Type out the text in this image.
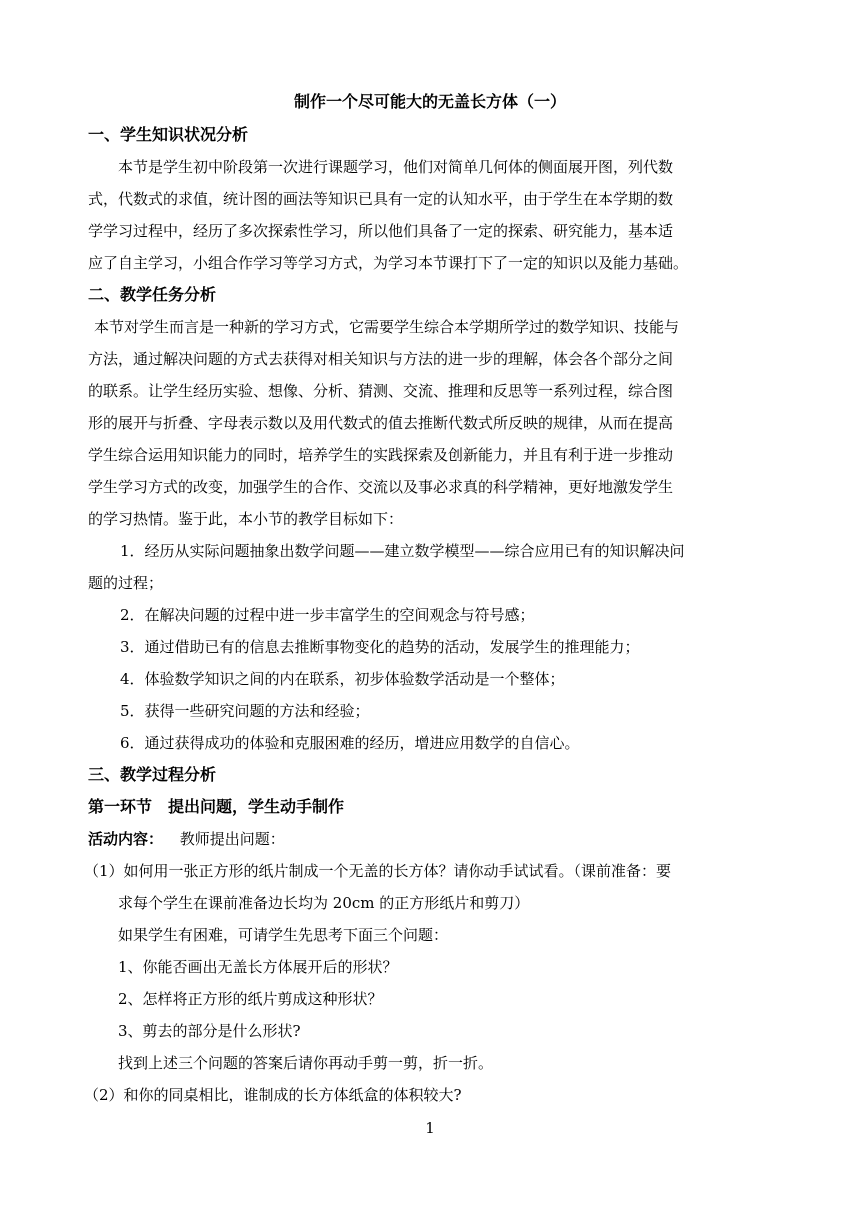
制作一个尽可能大的无盖长方体（一）
一、学生知识状况分析
本节是学生初中阶段第一次进行课题学习，他们对简单几何体的侧面展开图，列代数
式，代数式的求值，统计图的画法等知识已具有一定的认知水平，由于学生在本学期的数
学学习过程中，经历了多次探索性学习，所以他们具备了一定的探索、研究能力，基本适
应了自主学习，小组合作学习等学习方式，为学习本节课打下了一定的知识以及能力基础。
二、教学任务分析
本节对学生而言是一种新的学习方式，它需要学生综合本学期所学过的数学知识、技能与
方法，通过解决问题的方式去获得对相关知识与方法的进一步的理解，体会各个部分之间
的联系。让学生经历实验、想像、分析、猜测、交流、推理和反思等一系列过程，综合图
形的展开与折叠、字母表示数以及用代数式的值去推断代数式所反映的规律，从而在提高
学生综合运用知识能力的同时，培养学生的实践探索及创新能力，并且有利于进一步推动
学生学习方式的改变，加强学生的合作、交流以及事必求真的科学精神，更好地激发学生
的学习热情。鉴于此，本小节的教学目标如下：
1．经历从实际问题抽象出数学问题——建立数学模型——综合应用已有的知识解决问
题的过程；
2．在解决问题的过程中进一步丰富学生的空间观念与符号感；
3．通过借助已有的信息去推断事物变化的趋势的活动，发展学生的推理能力；
4．体验数学知识之间的内在联系，初步体验数学活动是一个整体；
5．获得一些研究问题的方法和经验；
6．通过获得成功的体验和克服困难的经历，增进应用数学的自信心。
三、教学过程分析
第一环节　提出问题，学生动手制作
活动内容： 教师提出问题：
（1）如何用一张正方形的纸片制成一个无盖的长方体？请你动手试试看。（课前准备：要
求每个学生在课前准备边长均为 20cm 的正方形纸片和剪刀）
如果学生有困难，可请学生先思考下面三个问题：
1、你能否画出无盖长方体展开后的形状？
2、怎样将正方形的纸片剪成这种形状？
3、剪去的部分是什么形状?
找到上述三个问题的答案后请你再动手剪一剪，折一折。
（2）和你的同桌相比，谁制成的长方体纸盒的体积较大?
1
